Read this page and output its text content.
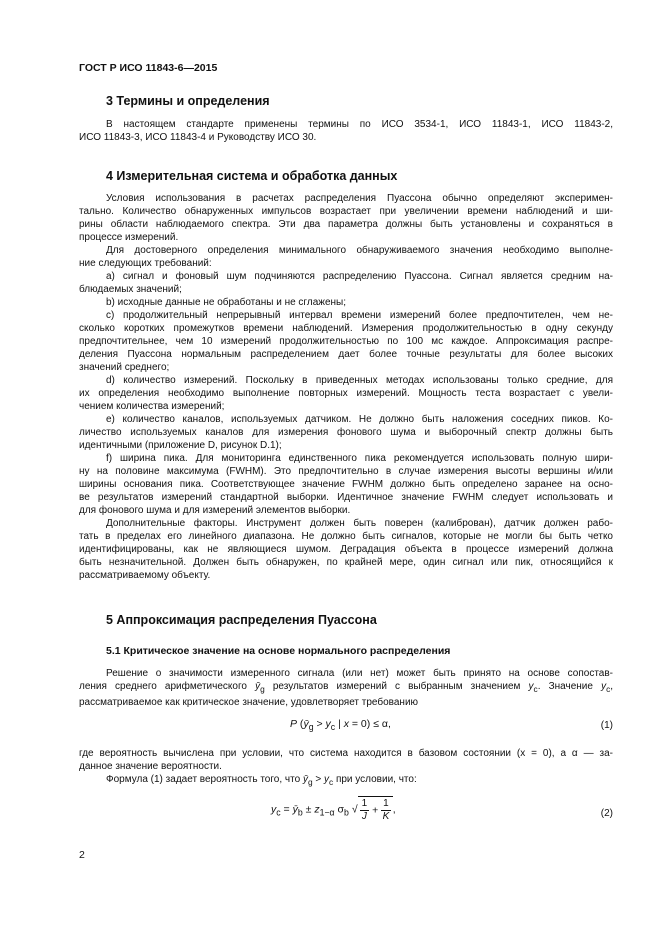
ГОСТ Р ИСО 11843-6—2015
3 Термины и определения

В настоящем стандарте применены термины по ИСО 3534-1, ИСО 11843-1, ИСО 11843-2,

ИСО 11843-3, ИСО 11843-4 и Руководству ИСО 30.

4 Измерительная система и обработка данных

Условия использования в расчетах распределения Пуассона обычно определяют эксперимен-

тально. Количество обнаруженных импульсов возрастает при увеличении времени наблюдений и ши-

рины области наблюдаемого спектра. Эти два параметра должны быть установлены и сохраняться в

процессе измерений.

Для достоверного определения минимального обнаруживаемого значения необходимо выполне-

ние следующих требований:

a) сигнал и фоновый шум подчиняются распределению Пуассона. Сигнал является средним на-

блюдаемых значений;

b) исходные данные не обработаны и не сглажены;

c) продолжительный непрерывный интервал времени измерений более предпочтителен, чем не-

сколько коротких промежутков времени наблюдений. Измерения продолжительностью в одну секунду

предпочтительнее, чем 10 измерений продолжительностью по 100 мс каждое. Аппроксимация распре-

деления Пуассона нормальным распределением дает более точные результаты для более высоких

значений среднего;

d) количество измерений. Поскольку в приведенных методах использованы только средние, для

их определения необходимо выполнение повторных измерений. Мощность теста возрастает с увели-

чением количества измерений;

e) количество каналов, используемых датчиком. Не должно быть наложения соседних пиков. Ко-

личество используемых каналов для измерения фонового шума и выборочный спектр должны быть

идентичными (приложение D, рисунок D.1);

f) ширина пика. Для мониторинга единственного пика рекомендуется использовать полную шири-

ну на половине максимума (FWHM). Это предпочтительно в случае измерения высоты вершины и/или

ширины основания пика. Соответствующее значение FWHM должно быть определено заранее на осно-

ве результатов измерений стандартной выборки. Идентичное значение FWHM следует использовать и

для фонового шума и для измерений элементов выборки.

Дополнительные факторы. Инструмент должен быть поверен (калиброван), датчик должен рабо-

тать в пределах его линейного диапазона. Не должно быть сигналов, которые не могли бы быть четко

идентифицированы, как не являющиеся шумом. Деградация объекта в процессе измерений должна

быть незначительной. Должен быть обнаружен, по крайней мере, один сигнал или пик, относящийся к

рассматриваемому объекту.

5 Аппроксимация распределения Пуассона
5.1 Критическое значение на основе нормального распределения

Решение о значимости измеренного сигнала (или нет) может быть принято на основе сопостав-

ления среднего арифметического $ȳ_g$ результатов измерений с выбранным значением $y_c$. Значение $y_c$,

рассматриваемое как критическое значение, удовлетворяет требованию

P ($ȳ_g > y_c$ | x = 0) ≤ α,	(1)

где вероятность вычислена при условии, что система находится в базовом состоянии (x = 0), а α — за-

данное значение вероятности.

Формула (1) задает вероятность того, что $ȳ_g > y_c$ при условии, что:

$y_c$ = $ȳ_b \pm z_{1-\alpha}$ $\sigma_b$ √ $\frac{1}{J} + \frac{1}{K}$ ,	(2)
2
